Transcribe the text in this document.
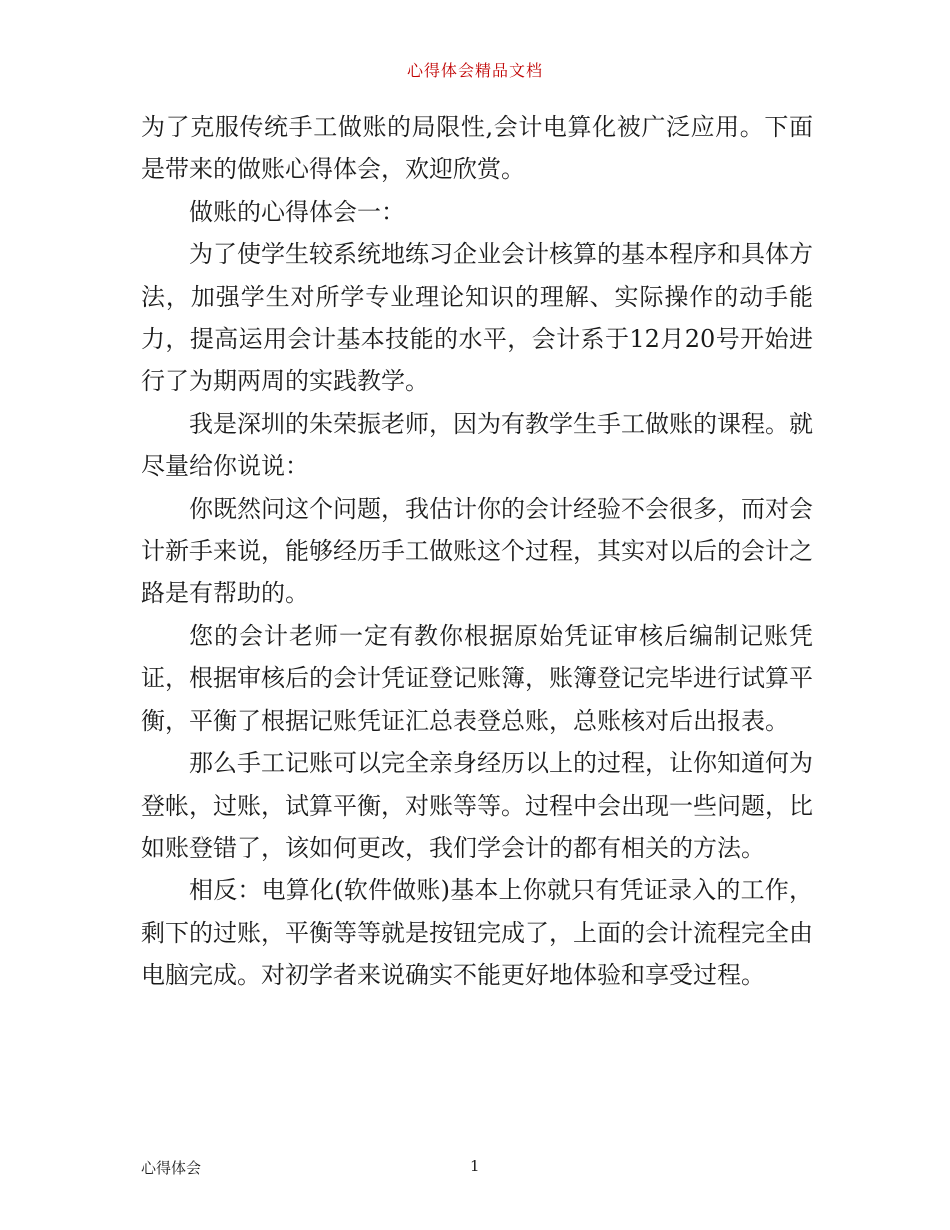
心得体会精品文档

为了克服传统手工做账的局限性,会计电算化被广泛应用。下面是带来的做账心得体会，欢迎欣赏。

做账的心得体会一：

为了使学生较系统地练习企业会计核算的基本程序和具体方法，加强学生对所学专业理论知识的理解、实际操作的动手能力，提高运用会计基本技能的水平，会计系于12月20号开始进行了为期两周的实践教学。

我是深圳的朱荣振老师，因为有教学生手工做账的课程。就尽量给你说说：

你既然问这个问题，我估计你的会计经验不会很多，而对会计新手来说，能够经历手工做账这个过程，其实对以后的会计之路是有帮助的。

您的会计老师一定有教你根据原始凭证审核后编制记账凭证，根据审核后的会计凭证登记账簿，账簿登记完毕进行试算平衡，平衡了根据记账凭证汇总表登总账，总账核对后出报表。

那么手工记账可以完全亲身经历以上的过程，让你知道何为登帐，过账，试算平衡，对账等等。过程中会出现一些问题，比如账登错了，该如何更改，我们学会计的都有相关的方法。

相反：电算化(软件做账)基本上你就只有凭证录入的工作，剩下的过账，平衡等等就是按钮完成了，上面的会计流程完全由电脑完成。对初学者来说确实不能更好地体验和享受过程。

心得体会	1
